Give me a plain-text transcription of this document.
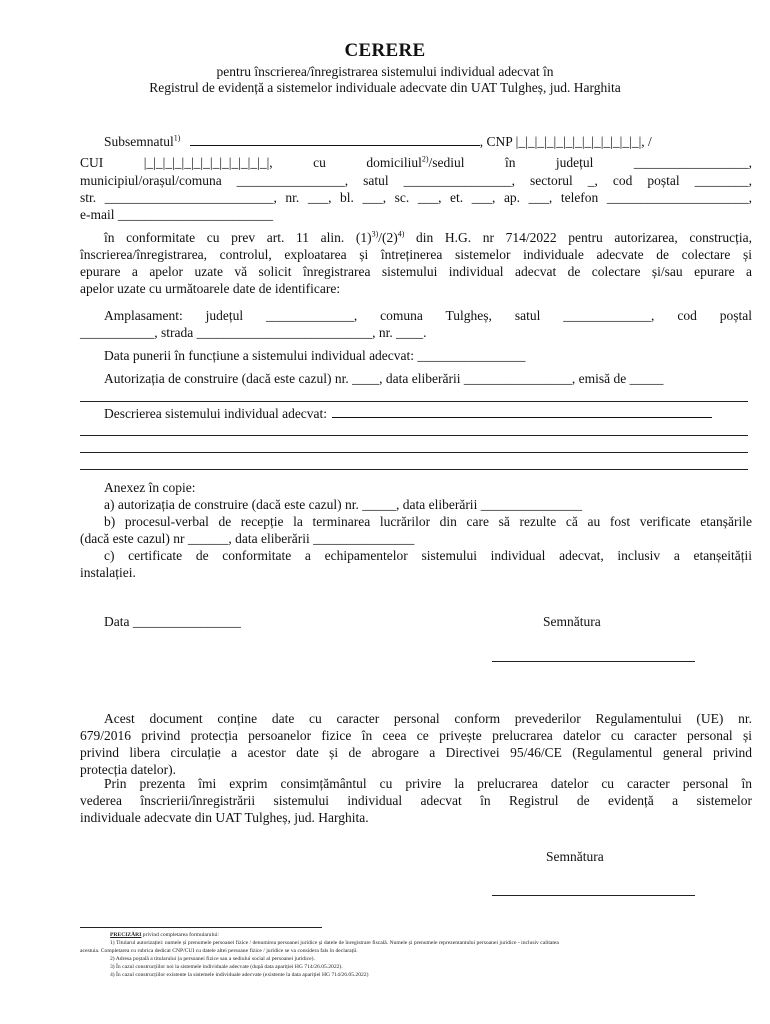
CERERE
pentru înscrierea/înregistrarea sistemului individual adecvat în
Registrul de evidență a sistemelor individuale adecvate din UAT Tulgheș, jud. Harghita
Subsemnatul$^{1)}$	, CNP |_|_|_|_|_|_|_|_|_|_|_|_|_|, /
CUI |_|_|_|_|_|_|_|_|_|_|_|_|_|, cu domiciliul$^{2)}$/sediul în județul _________________,
municipiul/orașul/comuna ________________, satul ________________, sectorul _, cod poștal ________,
str. _________________________, nr. ___, bl. ___, sc. ___, et. ___, ap. ___, telefon _____________________,
e-mail _______________________
în conformitate cu prev art. 11 alin. $(1)^{3)}/(2)^{4)}$ din H.G. nr 714/2022 pentru autorizarea, construcția,
înscrierea/înregistrarea, controlul, exploatarea și întreținerea sistemelor individuale adecvate de colectare și
epurare a apelor uzate vă solicit înregistrarea sistemului individual adecvat de colectare și/sau epurare a
apelor uzate cu următoarele date de identificare:
Amplasament: județul _____________, comuna Tulgheș, satul _____________, cod poștal
___________, strada __________________________, nr. ____.
Data punerii în funcțiune a sistemului individual adecvat: ________________
Autorizația de construire (dacă este cazul) nr. ____, data eliberării ________________, emisă de _____
Descrierea sistemului individual adecvat:
Anexez în copie:
a) autorizația de construire (dacă este cazul) nr. _____, data eliberării _______________
b) procesul-verbal de recepție la terminarea lucrărilor din care să rezulte că au fost verificate etanșările
(dacă este cazul) nr ______, data eliberării _______________
c) certificate de conformitate a echipamentelor sistemului individual adecvat, inclusiv a etanșeității
instalației.
Data ________________	Semnătura
Acest document conține date cu caracter personal conform prevederilor Regulamentului (UE) nr.
679/2016 privind protecția persoanelor fizice în ceea ce privește prelucrarea datelor cu caracter personal și
privind libera circulație a acestor date și de abrogare a Directivei 95/46/CE (Regulamentul general privind
protecția datelor).
Prin prezenta îmi exprim consimțământul cu privire la prelucrarea datelor cu caracter personal în
vederea înscrierii/înregistrării sistemului individual adecvat în Registrul de evidență a sistemelor
individuale adecvate din UAT Tulgheș, jud. Harghita.
Semnătura
PRECIZĂRI privind completarea formularului:
1) Titularul autorizației: numele și prenumele persoanei fizice / denumirea persoanei juridice și datele de înregistrare fiscală. Numele și prenumele reprezentantului persoanei juridice - inclusiv calitatea
acestuia. Completarea cu rubrica dedicat CNP/CUI cu datele altei persoane fizice / juridice se va considera fals în declarații.
2) Adresa poștală a titularului (a persoanei fizice sau a sediului social al persoanei juridice).
3) În cazul construcțiilor noi la sistemele individuale adecvate (după data apariției HG 714/26.05.2022).
4) În cazul construcțiilor existente la sistemele individuale adecvate (existente la data apariției HG 714/26.05.2022)
